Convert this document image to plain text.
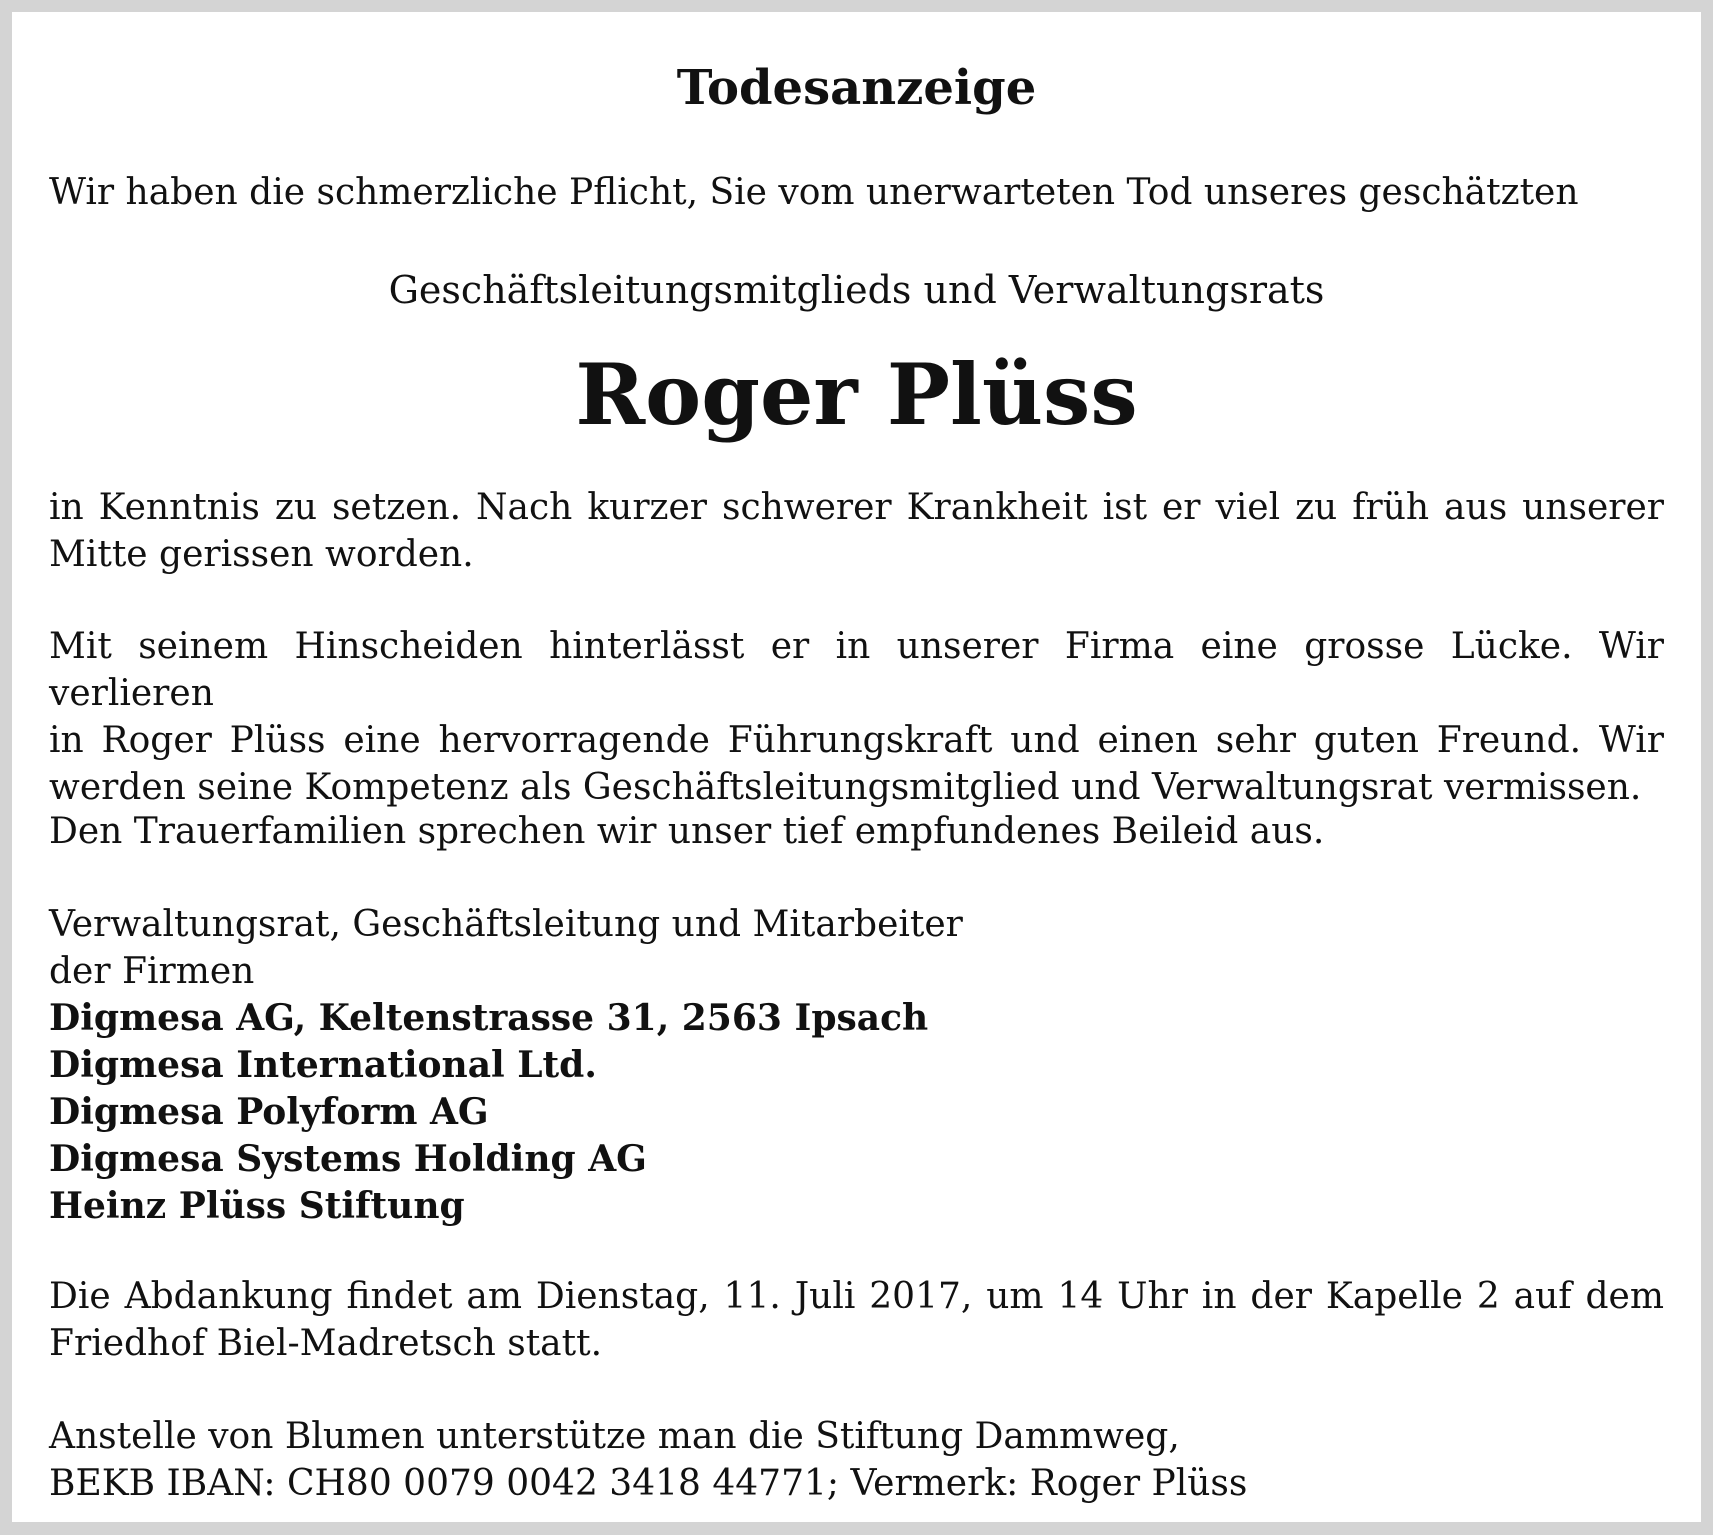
Todesanzeige

Wir haben die schmerzliche Pflicht, Sie vom unerwarteten Tod unseres geschätzten

Geschäftsleitungsmitglieds und Verwaltungsrats

Roger Plüss

in Kenntnis zu setzen. Nach kurzer schwerer Krankheit ist er viel zu früh aus unserer
Mitte gerissen worden.

Mit seinem Hinscheiden hinterlässt er in unserer Firma eine grosse Lücke. Wir verlieren
in Roger Plüss eine hervorragende Führungskraft und einen sehr guten Freund. Wir
werden seine Kompetenz als Geschäftsleitungsmitglied und Verwaltungsrat vermissen.

Den Trauerfamilien sprechen wir unser tief empfundenes Beileid aus.

Verwaltungsrat, Geschäftsleitung und Mitarbeiter
der Firmen
Digmesa AG, Keltenstrasse 31, 2563 Ipsach
Digmesa International Ltd.
Digmesa Polyform AG
Digmesa Systems Holding AG
Heinz Plüss Stiftung

Die Abdankung findet am Dienstag, 11. Juli 2017, um 14 Uhr in der Kapelle 2 auf dem
Friedhof Biel-Madretsch statt.

Anstelle von Blumen unterstütze man die Stiftung Dammweg,
BEKB IBAN: CH80 0079 0042 3418 44771; Vermerk: Roger Plüss
